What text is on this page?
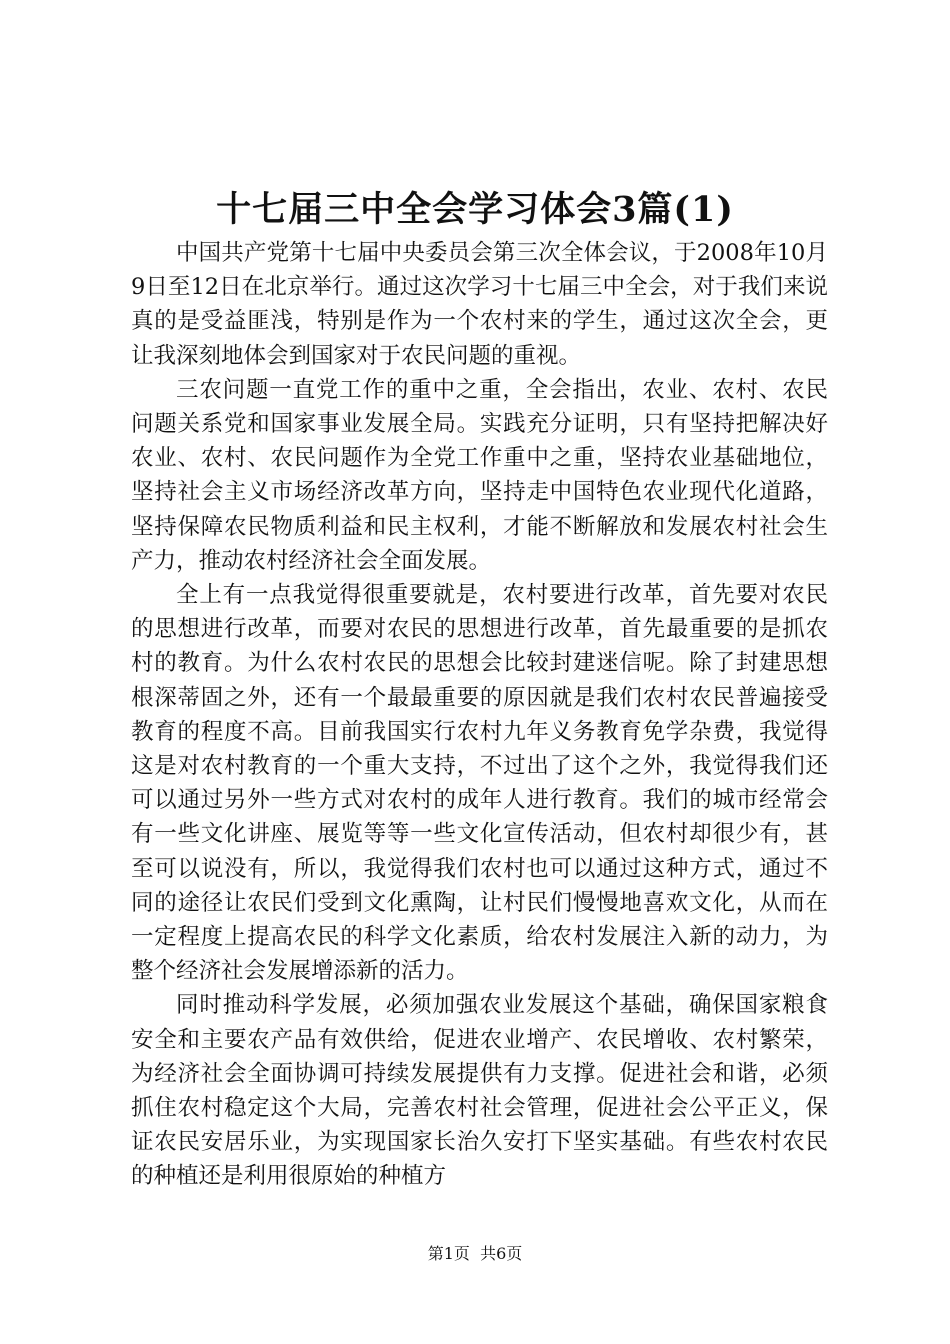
十七届三中全会学习体会3篇(1)

中国共产党第十七届中央委员会第三次全体会议，于2008年10月9日至12日在北京举行。通过这次学习十七届三中全会，对于我们来说真的是受益匪浅，特别是作为一个农村来的学生，通过这次全会，更让我深刻地体会到国家对于农民问题的重视。

三农问题一直党工作的重中之重，全会指出，农业、农村、农民问题关系党和国家事业发展全局。实践充分证明，只有坚持把解决好农业、农村、农民问题作为全党工作重中之重，坚持农业基础地位，坚持社会主义市场经济改革方向，坚持走中国特色农业现代化道路，坚持保障农民物质利益和民主权利，才能不断解放和发展农村社会生产力，推动农村经济社会全面发展。

全上有一点我觉得很重要就是，农村要进行改革，首先要对农民的思想进行改革，而要对农民的思想进行改革，首先最重要的是抓农村的教育。为什么农村农民的思想会比较封建迷信呢。除了封建思想根深蒂固之外，还有一个最最重要的原因就是我们农村农民普遍接受教育的程度不高。目前我国实行农村九年义务教育免学杂费，我觉得这是对农村教育的一个重大支持，不过出了这个之外，我觉得我们还可以通过另外一些方式对农村的成年人进行教育。我们的城市经常会有一些文化讲座、展览等等一些文化宣传活动，但农村却很少有，甚至可以说没有，所以，我觉得我们农村也可以通过这种方式，通过不同的途径让农民们受到文化熏陶，让村民们慢慢地喜欢文化，从而在一定程度上提高农民的科学文化素质，给农村发展注入新的动力，为整个经济社会发展增添新的活力。

同时推动科学发展，必须加强农业发展这个基础，确保国家粮食安全和主要农产品有效供给，促进农业增产、农民增收、农村繁荣，为经济社会全面协调可持续发展提供有力支撑。促进社会和谐，必须抓住农村稳定这个大局，完善农村社会管理，促进社会公平正义，保证农民安居乐业，为实现国家长治久安打下坚实基础。有些农村农民的种植还是利用很原始的种植方

第1页  共6页
